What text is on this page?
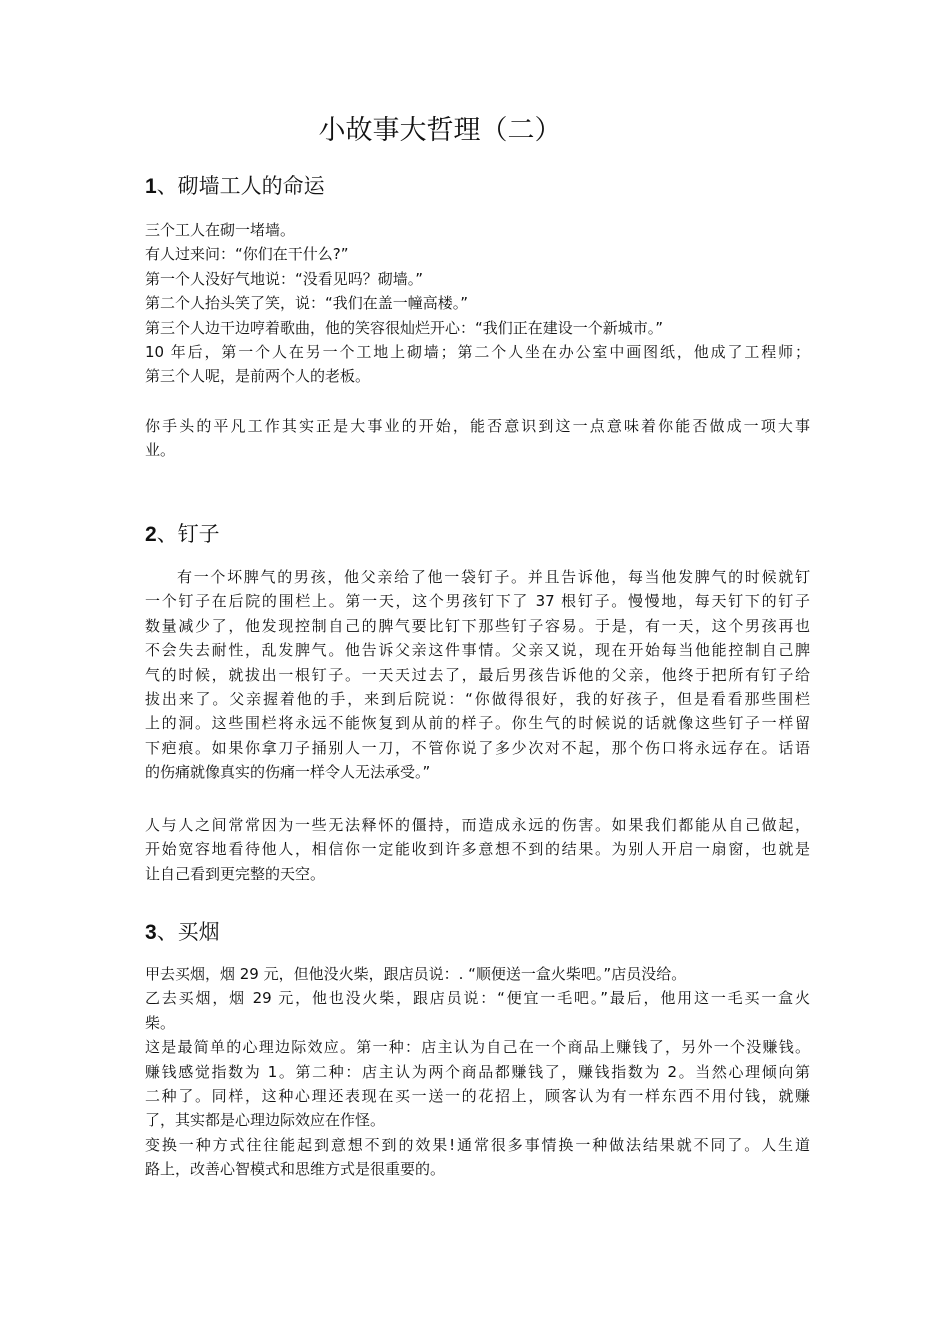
小故事大哲理（二）
1、砌墙工人的命运
三个工人在砌一堵墙。
有人过来问：“你们在干什么?”
第一个人没好气地说：“没看见吗？砌墙。”
第二个人抬头笑了笑，说：“我们在盖一幢高楼。”
第三个人边干边哼着歌曲，他的笑容很灿烂开心：“我们正在建设一个新城市。”
10 年后，第一个人在另一个工地上砌墙；第二个人坐在办公室中画图纸，他成了工程师；
第三个人呢，是前两个人的老板。
你手头的平凡工作其实正是大事业的开始，能否意识到这一点意味着你能否做成一项大事
业。
2、钉子
有一个坏脾气的男孩，他父亲给了他一袋钉子。并且告诉他，每当他发脾气的时候就钉
一个钉子在后院的围栏上。第一天，这个男孩钉下了 37 根钉子。慢慢地，每天钉下的钉子
数量减少了，他发现控制自己的脾气要比钉下那些钉子容易。于是，有一天，这个男孩再也
不会失去耐性，乱发脾气。他告诉父亲这件事情。父亲又说，现在开始每当他能控制自己脾
气的时候，就拔出一根钉子。一天天过去了，最后男孩告诉他的父亲，他终于把所有钉子给
拔出来了。父亲握着他的手，来到后院说：“你做得很好，我的好孩子，但是看看那些围栏
上的洞。这些围栏将永远不能恢复到从前的样子。你生气的时候说的话就像这些钉子一样留
下疤痕。如果你拿刀子捅别人一刀，不管你说了多少次对不起，那个伤口将永远存在。话语
的伤痛就像真实的伤痛一样令人无法承受。”
人与人之间常常因为一些无法释怀的僵持，而造成永远的伤害。如果我们都能从自己做起，
开始宽容地看待他人，相信你一定能收到许多意想不到的结果。为别人开启一扇窗，也就是
让自己看到更完整的天空。
3、买烟
甲去买烟，烟 29 元，但他没火柴，跟店员说：. “顺便送一盒火柴吧。”店员没给。
乙去买烟，烟 29 元，他也没火柴，跟店员说：“便宜一毛吧。”最后，他用这一毛买一盒火
柴。
这是最简单的心理边际效应。第一种：店主认为自己在一个商品上赚钱了，另外一个没赚钱。
赚钱感觉指数为 1。第二种：店主认为两个商品都赚钱了，赚钱指数为 2。当然心理倾向第
二种了。同样，这种心理还表现在买一送一的花招上，顾客认为有一样东西不用付钱，就赚
了，其实都是心理边际效应在作怪。
变换一种方式往往能起到意想不到的效果!通常很多事情换一种做法结果就不同了。人生道
路上，改善心智模式和思维方式是很重要的。
